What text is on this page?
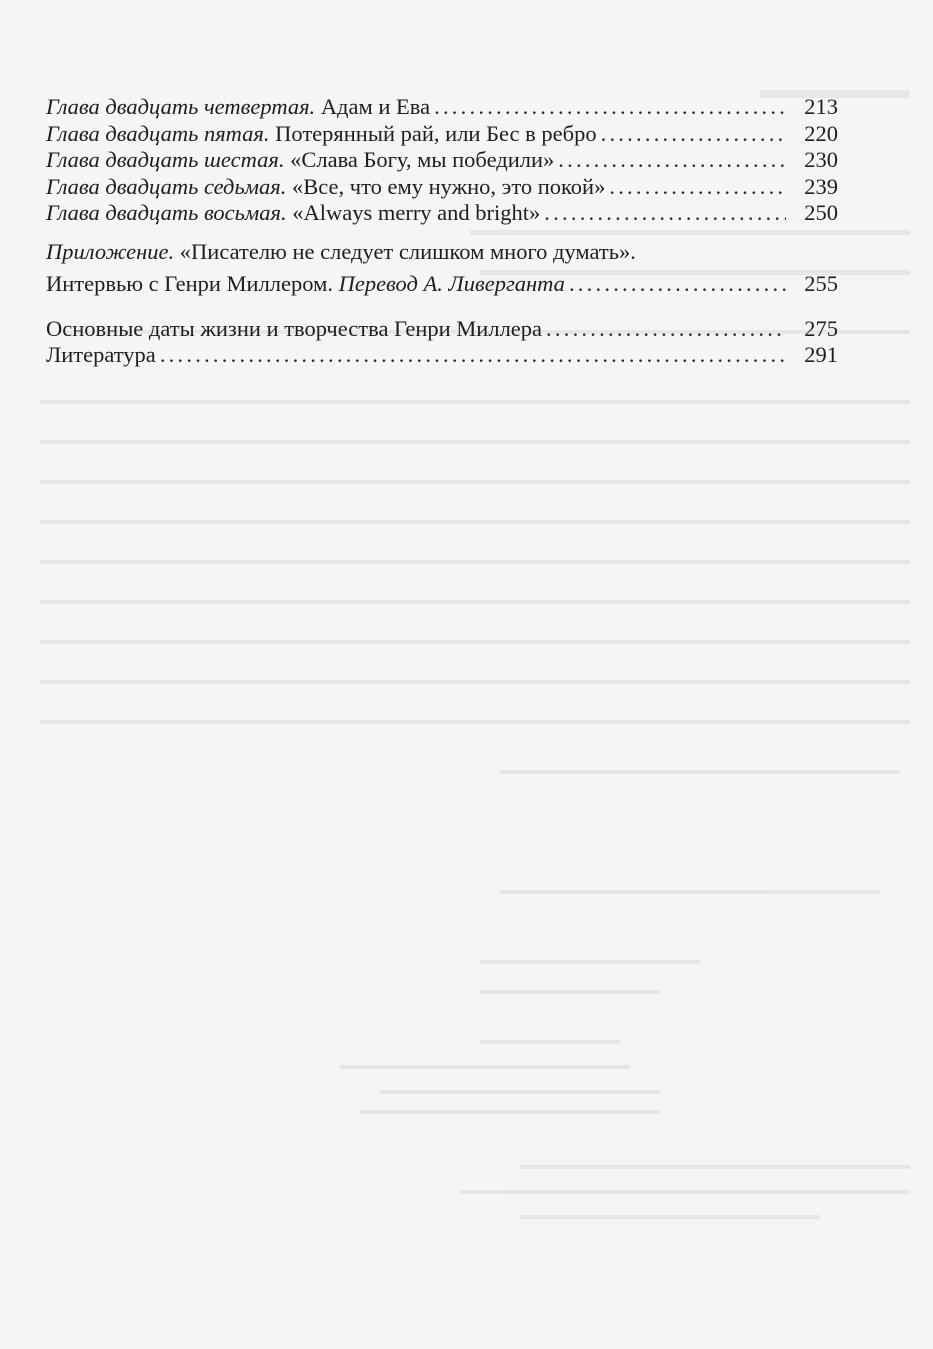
Глава двадцать четвертая. Адам и Ева . . .	213
Глава двадцать пятая. Потерянный рай, или Бес в ребро . . .	220
Глава двадцать шестая. «Слава Богу, мы победили» . . .	230
Глава двадцать седьмая. «Все, что ему нужно, это покой» . . .	239
Глава двадцать восьмая. «Always merry and bright» . . .	250
Приложение. «Писателю не следует слишком много думать».
Интервью с Генри Миллером. Перевод А. Ливерганта . . .	255
Основные даты жизни и творчества Генри Миллера . . .	275
Литература . . .	291
